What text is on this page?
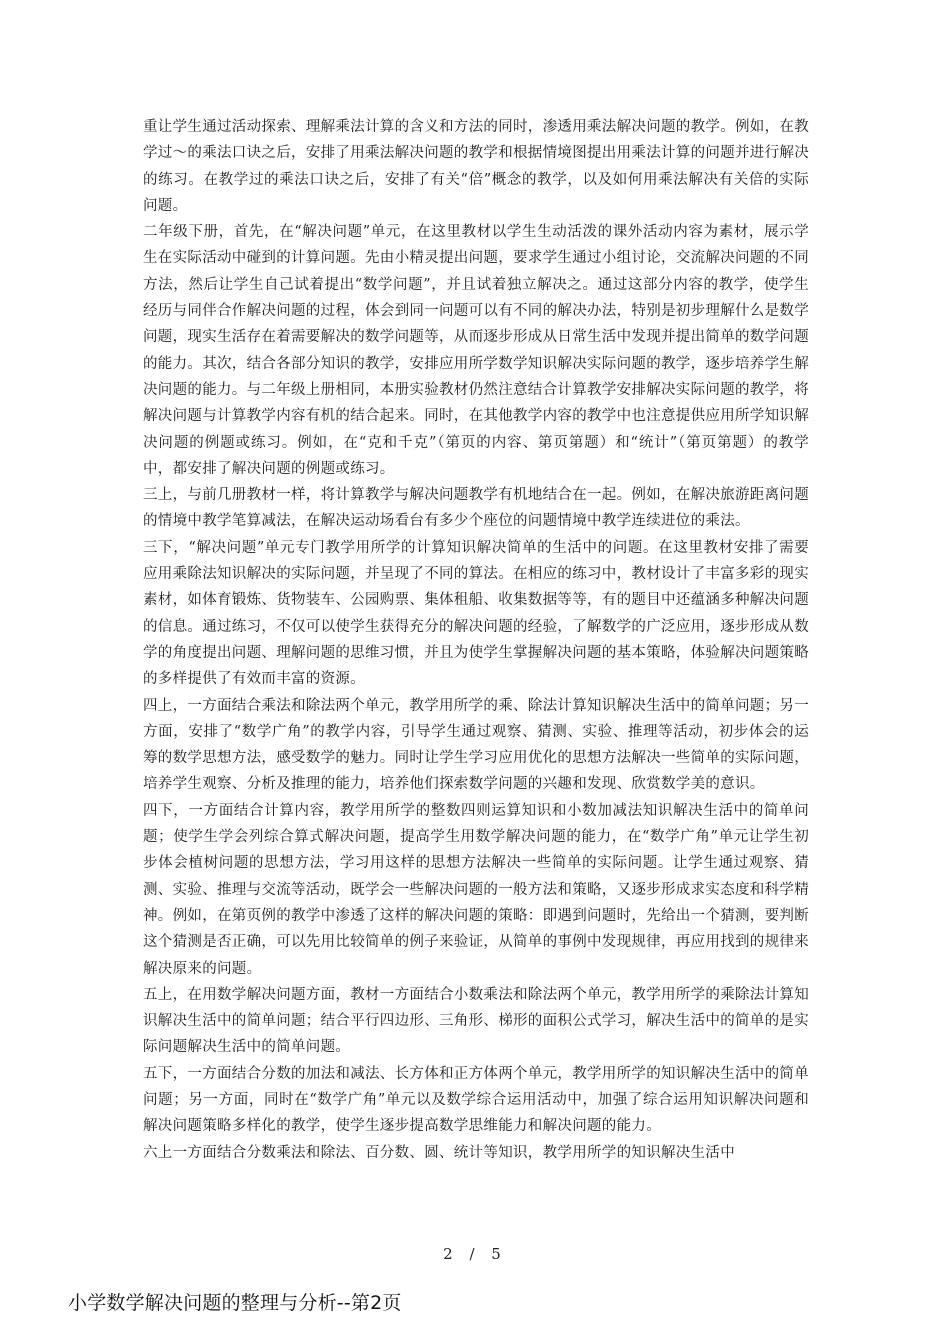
重让学生通过活动探索、理解乘法计算的含义和方法的同时，渗透用乘法解决问题的教学。例如，在教学过～的乘法口诀之后，安排了用乘法解决问题的教学和根据情境图提出用乘法计算的问题并进行解决的练习。在教学过的乘法口诀之后，安排了有关“倍”概念的教学，以及如何用乘法解决有关倍的实际问题。

二年级下册，首先，在“解决问题”单元，在这里教材以学生生动活泼的课外活动内容为素材，展示学生在实际活动中碰到的计算问题。先由小精灵提出问题，要求学生通过小组讨论，交流解决问题的不同方法，然后让学生自己试着提出“数学问题”，并且试着独立解决之。通过这部分内容的教学，使学生经历与同伴合作解决问题的过程，体会到同一问题可以有不同的解决办法，特别是初步理解什么是数学问题，现实生活存在着需要解决的数学问题等，从而逐步形成从日常生活中发现并提出简单的数学问题的能力。其次，结合各部分知识的教学，安排应用所学数学知识解决实际问题的教学，逐步培养学生解决问题的能力。与二年级上册相同，本册实验教材仍然注意结合计算教学安排解决实际问题的教学，将解决问题与计算教学内容有机的结合起来。同时，在其他教学内容的教学中也注意提供应用所学知识解决问题的例题或练习。例如，在“克和千克”（第页的内容、第页第题）和“统计”（第页第题）的教学中，都安排了解决问题的例题或练习。

三上，与前几册教材一样，将计算教学与解决问题教学有机地结合在一起。例如，在解决旅游距离问题的情境中教学笔算减法，在解决运动场看台有多少个座位的问题情境中教学连续进位的乘法。

三下，“解决问题”单元专门教学用所学的计算知识解决简单的生活中的问题。在这里教材安排了需要应用乘除法知识解决的实际问题，并呈现了不同的算法。在相应的练习中，教材设计了丰富多彩的现实素材，如体育锻炼、货物装车、公园购票、集体租船、收集数据等等，有的题目中还蕴涵多种解决问题的信息。通过练习，不仅可以使学生获得充分的解决问题的经验，了解数学的广泛应用，逐步形成从数学的角度提出问题、理解问题的思维习惯，并且为使学生掌握解决问题的基本策略，体验解决问题策略的多样提供了有效而丰富的资源。

四上，一方面结合乘法和除法两个单元，教学用所学的乘、除法计算知识解决生活中的简单问题；另一方面，安排了“数学广角”的教学内容，引导学生通过观察、猜测、实验、推理等活动，初步体会的运筹的数学思想方法，感受数学的魅力。同时让学生学习应用优化的思想方法解决一些简单的实际问题，培养学生观察、分析及推理的能力，培养他们探索数学问题的兴趣和发现、欣赏数学美的意识。

四下，一方面结合计算内容，教学用所学的整数四则运算知识和小数加减法知识解决生活中的简单问题；使学生学会列综合算式解决问题，提高学生用数学解决问题的能力，在“数学广角”单元让学生初步体会植树问题的思想方法，学习用这样的思想方法解决一些简单的实际问题。让学生通过观察、猜测、实验、推理与交流等活动，既学会一些解决问题的一般方法和策略，又逐步形成求实态度和科学精神。例如，在第页例的教学中渗透了这样的解决问题的策略：即遇到问题时，先给出一个猜测，要判断这个猜测是否正确，可以先用比较简单的例子来验证，从简单的事例中发现规律，再应用找到的规律来解决原来的问题。

五上，在用数学解决问题方面，教材一方面结合小数乘法和除法两个单元，教学用所学的乘除法计算知识解决生活中的简单问题；结合平行四边形、三角形、梯形的面积公式学习，解决生活中的简单的是实际问题解决生活中的简单问题。

五下，一方面结合分数的加法和减法、长方体和正方体两个单元，教学用所学的知识解决生活中的简单问题；另一方面，同时在“数学广角”单元以及数学综合运用活动中，加强了综合运用知识解决问题和解决问题策略多样化的教学，使学生逐步提高数学思维能力和解决问题的能力。

六上一方面结合分数乘法和除法、百分数、圆、统计等知识，教学用所学的知识解决生活中

2 / 5
小学数学解决问题的整理与分析--第2页
